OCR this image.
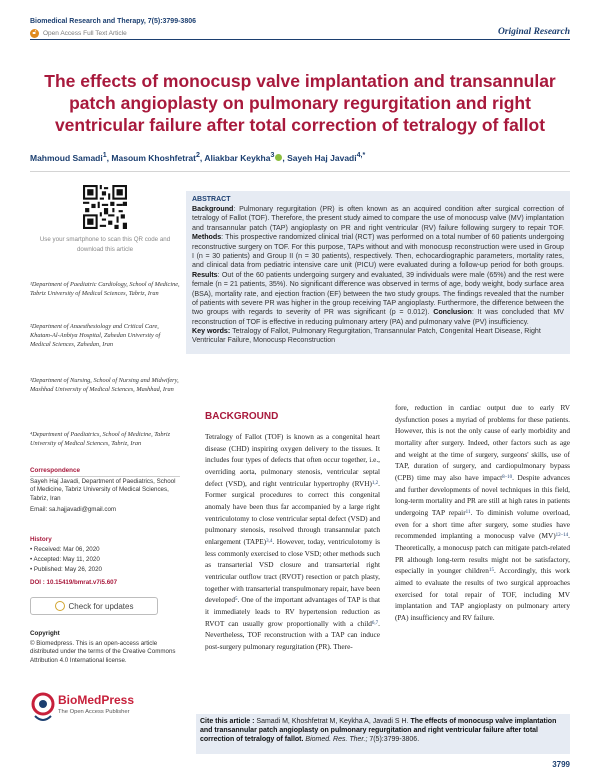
Biomedical Research and Therapy, 7(5):3799-3806
🔓︎	Open Access Full Text Article	Original Research
The effects of monocusp valve implantation and transannular patch angioplasty on pulmonary regurgitation and right ventricular failure after total correction of tetralogy of fallot
Mahmoud Samadi$^1$, Masoum Khoshfetrat$^2$, Aliakbar Keykha$^3$ , Sayeh Haj Javadi$^{4,*}$
Use your smartphone to scan this QR code and download this article
¹Department of Paediatric Cardiology, School of Medicine, Tabriz University of Medical Sciences, Tabriz, Iran
²Department of Anaesthesiology and Critical Care, Khatam-Al-Anbiya Hospital, Zahedan University of Medical Sciences, Zahedan, Iran
³Department of Nursing, School of Nursing and Midwifery, Mashhad University of Medical Sciences, Mashhad, Iran
⁴Department of Paediatrics, School of Medicine, Tabriz University of Medical Sciences, Tabriz, Iran
Correspondence
Sayeh Haj Javadi, Department of Paediatrics, School of Medicine, Tabriz University of Medical Sciences, Tabriz, Iran
Email: sa.hajjavadi@gmail.com
History
• Received: Mar 06, 2020
• Accepted: May 11, 2020
• Published: May 26, 2020
DOI : 10.15419/bmrat.v7i5.607
Check for updates
Copyright
© Biomedpress. This is an open-access article distributed under the terms of the Creative Commons Attribution 4.0 International license.
BioMedPress
The Open Access Publisher
ABSTRACT
Background: Pulmonary regurgitation (PR) is often known as an acquired condition after surgical correction of tetralogy of Fallot (TOF). Therefore, the present study aimed to compare the use of monocusp valve (MV) implantation and transannular patch (TAP) angioplasty on PR and right ventricular (RV) failure following surgery to repair TOF. Methods: This prospective randomized clinical trial (RCT) was performed on a total number of 60 patients undergoing reconstructive surgery on TOF. For this purpose, TAPs without and with monocusp reconstruction were used in Group I (n = 30 patients) and Group II (n = 30 patients), respectively. Then, echocardiographic parameters, mortality rates, and clinical data from pediatric intensive care unit (PICU) were evaluated during a follow-up period for both groups. Results: Out of the 60 patients undergoing surgery and evaluated, 39 individuals were male (65%) and the rest were female (n = 21 patients, 35%). No significant difference was observed in terms of age, body weight, body surface area (BSA), mortality rate, and ejection fraction (EF) between the two study groups. The findings revealed that the number of patients with severe PR was higher in the group receiving TAP angioplasty. Furthermore, the difference between the two groups with regards to severity of PR was significant (p = 0.012). Conclusion: It was concluded that MV reconstruction of TOF is effective in reducing pulmonary artery (PA) and pulmonary valve (PV) insufficiency.
Key words: Tetralogy of Fallot, Pulmonary Regurgitation, Transannular Patch, Congenital Heart Disease, Right Ventricular Failure, Monocusp Reconstruction
BACKGROUND
Tetralogy of Fallot (TOF) is known as a congenital heart disease (CHD) inspiring oxygen delivery to the tissues. It includes four types of defects that often occur together, i.e., overriding aorta, pulmonary stenosis, ventricular septal defect (VSD), and right ventricular hypertrophy (RVH)$^{1,2}$. Former surgical procedures to correct this congenital anomaly have been thus far accompanied by a large right ventriculotomy to close ventricular septal defect (VSD) and pulmonary stenosis, resolved through transannular patch enlargement (TAPE)$^{3,4}$. However, today, ventriculotomy is less commonly exercised to close VSD; other methods such as transarterial VSD closure and transarterial right ventricular outflow tract (RVOT) resection or patch plasty, together with transarterial transpulmonary repair, have been developed$^5$. One of the important advantages of TAP is that it immediately leads to RV hypertension reduction as RVOT can usually grow proportionally with a child$^{6,7}$. Nevertheless, TOF reconstruction with a TAP can induce post-surgery pulmonary regurgitation (PR). There-
fore, reduction in cardiac output due to early RV dysfunction poses a myriad of problems for these patients. However, this is not the only cause of early morbidity and mortality after surgery. Indeed, other factors such as age and weight at the time of surgery, surgeons' skills, use of TAP, duration of surgery, and cardiopulmonary bypass (CPB) time may also have impact$^{8-10}$. Despite advances and further developments of novel techniques in this field, long-term mortality and PR are still at high rates in patients undergoing TAP repair$^{11}$. To diminish volume overload, even for a short time after surgery, some studies have recommended implanting a monocusp valve (MV)$^{12-14}$. Theoretically, a monocusp patch can mitigate patch-related PR although long-term results might not be satisfactory, especially in younger children$^{15}$. Accordingly, this work aimed to evaluate the results of two surgical approaches exercised for total repair of TOF, including MV implantation and TAP angioplasty on pulmonary artery (PA) insufficiency and RV failure.
Cite this article : Samadi M, Khoshfetrat M, Keykha A, Javadi S H. The effects of monocusp valve implantation and transannular patch angioplasty on pulmonary regurgitation and right ventricular failure after total correction of tetralogy of fallot. Biomed. Res. Ther.; 7(5):3799-3806.
3799
